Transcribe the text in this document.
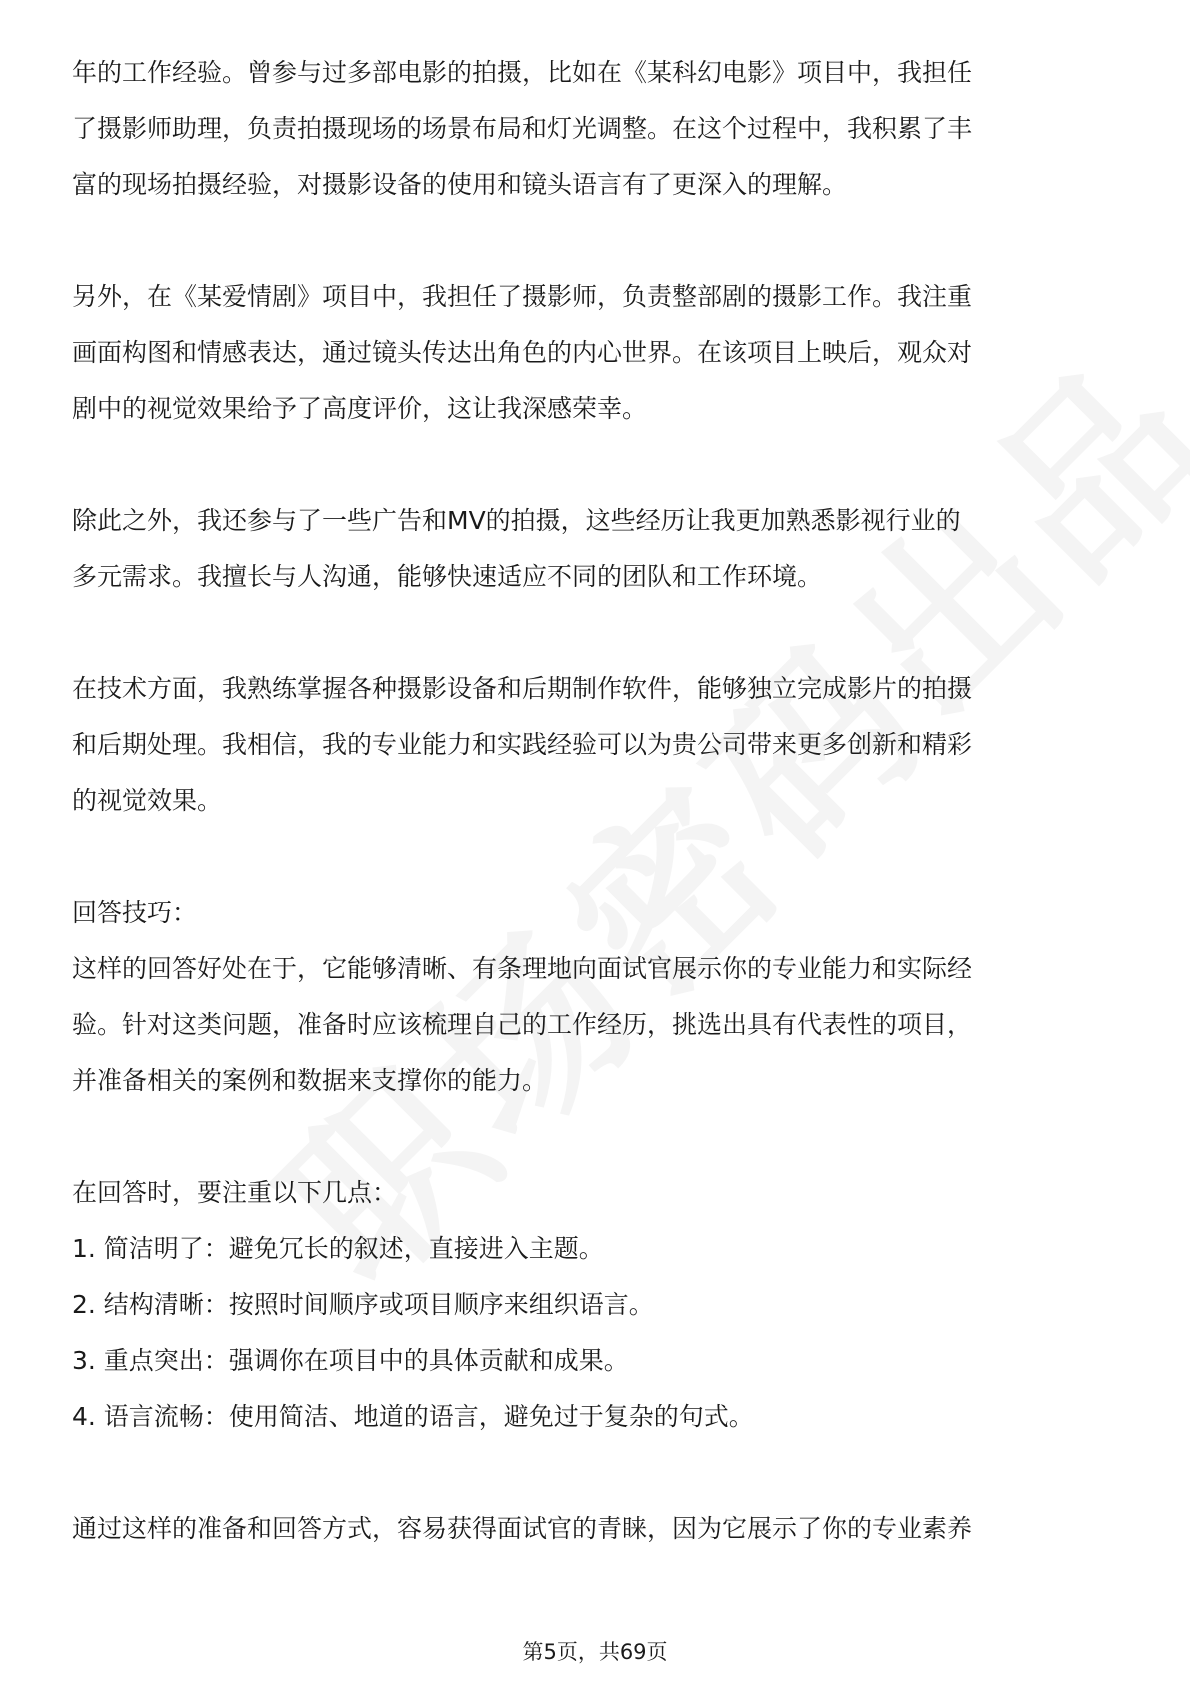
年的工作经验。曾参与过多部电影的拍摄，比如在《某科幻电影》项目中，我担任
了摄影师助理，负责拍摄现场的场景布局和灯光调整。在这个过程中，我积累了丰
富的现场拍摄经验，对摄影设备的使用和镜头语言有了更深入的理解。

另外，在《某爱情剧》项目中，我担任了摄影师，负责整部剧的摄影工作。我注重
画面构图和情感表达，通过镜头传达出角色的内心世界。在该项目上映后，观众对
剧中的视觉效果给予了高度评价，这让我深感荣幸。

除此之外，我还参与了一些广告和MV的拍摄，这些经历让我更加熟悉影视行业的
多元需求。我擅长与人沟通，能够快速适应不同的团队和工作环境。

在技术方面，我熟练掌握各种摄影设备和后期制作软件，能够独立完成影片的拍摄
和后期处理。我相信，我的专业能力和实践经验可以为贵公司带来更多创新和精彩
的视觉效果。

回答技巧：

这样的回答好处在于，它能够清晰、有条理地向面试官展示你的专业能力和实际经
验。针对这类问题，准备时应该梳理自己的工作经历，挑选出具有代表性的项目，
并准备相关的案例和数据来支撑你的能力。

在回答时，要注重以下几点：

1. 简洁明了：避免冗长的叙述，直接进入主题。

2. 结构清晰：按照时间顺序或项目顺序来组织语言。

3. 重点突出：强调你在项目中的具体贡献和成果。

4. 语言流畅：使用简洁、地道的语言，避免过于复杂的句式。

通过这样的准备和回答方式，容易获得面试官的青睐，因为它展示了你的专业素养

第5页，共69页
